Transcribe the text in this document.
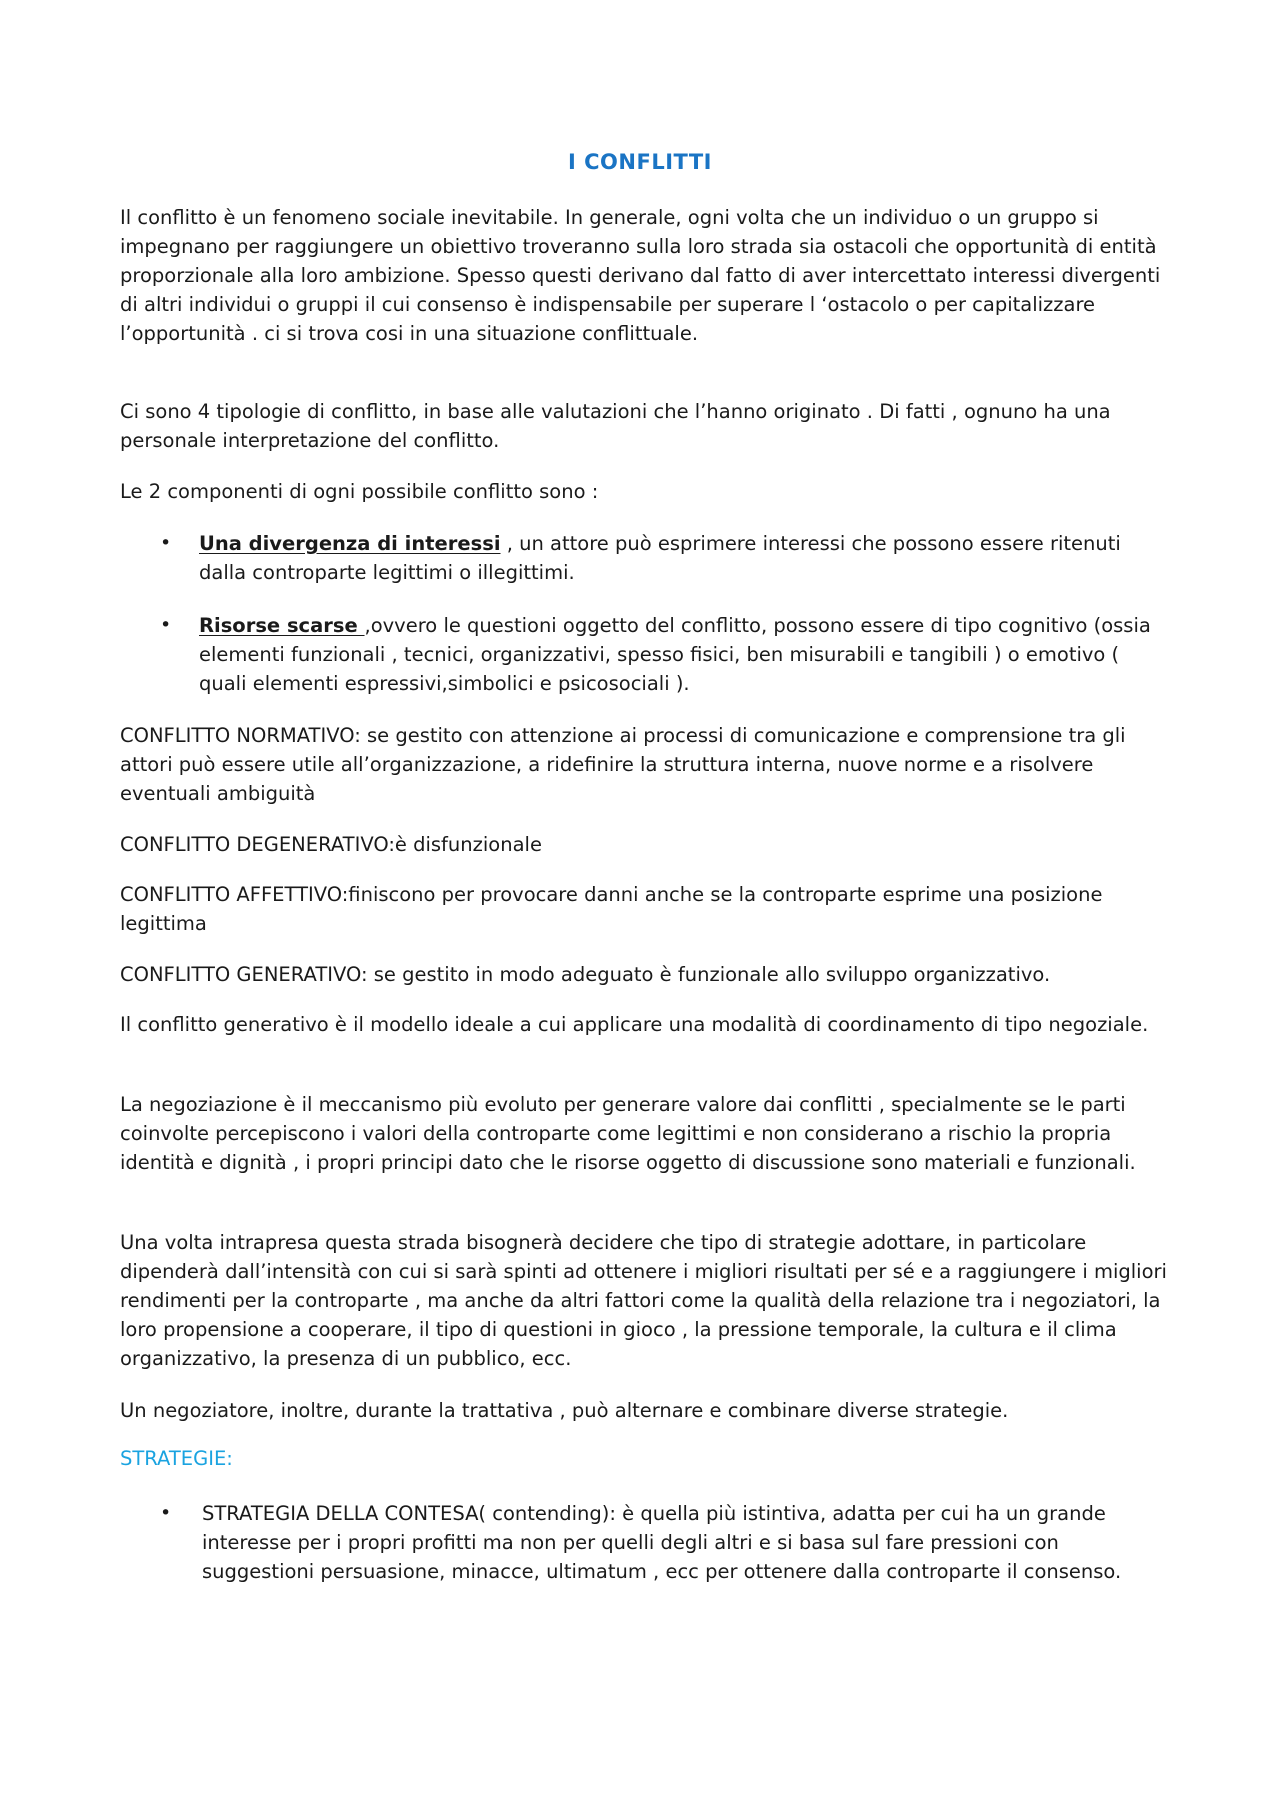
I CONFLITTI

Il conflitto è un fenomeno sociale inevitabile. In generale, ogni volta che un individuo o un gruppo si impegnano per raggiungere un obiettivo troveranno sulla loro strada sia ostacoli che opportunità di entità proporzionale alla loro ambizione. Spesso questi derivano dal fatto di aver intercettato interessi divergenti di altri individui o gruppi il cui consenso è indispensabile per superare l ‘ostacolo o per capitalizzare l’opportunità . ci si trova cosi in una situazione conflittuale.

Ci sono 4 tipologie di conflitto, in base alle valutazioni che l’hanno originato . Di fatti , ognuno ha una personale interpretazione del conflitto.

Le 2 componenti di ogni possibile conflitto sono :

• Una divergenza di interessi , un attore può esprimere interessi che possono essere ritenuti dalla controparte legittimi o illegittimi.
• Risorse scarse ,ovvero le questioni oggetto del conflitto, possono essere di tipo cognitivo (ossia elementi funzionali , tecnici, organizzativi, spesso fisici, ben misurabili e tangibili ) o emotivo ( quali elementi espressivi,simbolici e psicosociali ).

CONFLITTO NORMATIVO: se gestito con attenzione ai processi di comunicazione e comprensione tra gli attori può essere utile all’organizzazione, a ridefinire la struttura interna, nuove norme e a risolvere eventuali ambiguità

CONFLITTO DEGENERATIVO:è disfunzionale

CONFLITTO AFFETTIVO:finiscono per provocare danni anche se la controparte esprime una posizione legittima

CONFLITTO GENERATIVO: se gestito in modo adeguato è funzionale allo sviluppo organizzativo.

Il conflitto generativo è il modello ideale a cui applicare una modalità di coordinamento di tipo negoziale.

La negoziazione è il meccanismo più evoluto per generare valore dai conflitti , specialmente se le parti coinvolte percepiscono i valori della controparte come legittimi e non considerano a rischio la propria identità e dignità , i propri principi dato che le risorse oggetto di discussione sono materiali e funzionali.

Una volta intrapresa questa strada bisognerà decidere che tipo di strategie adottare, in particolare dipenderà dall’intensità con cui si sarà spinti ad ottenere i migliori risultati per sé e a raggiungere i migliori rendimenti per la controparte , ma anche da altri fattori come la qualità della relazione tra i negoziatori, la loro propensione a cooperare, il tipo di questioni in gioco , la pressione temporale, la cultura e il clima organizzativo, la presenza di un pubblico, ecc.

Un negoziatore, inoltre, durante la trattativa , può alternare e combinare diverse strategie.

STRATEGIE:
• STRATEGIA DELLA CONTESA( contending): è quella più istintiva, adatta per cui ha un grande interesse per i propri profitti ma non per quelli degli altri e si basa sul fare pressioni con suggestioni persuasione, minacce, ultimatum , ecc per ottenere dalla controparte il consenso.
